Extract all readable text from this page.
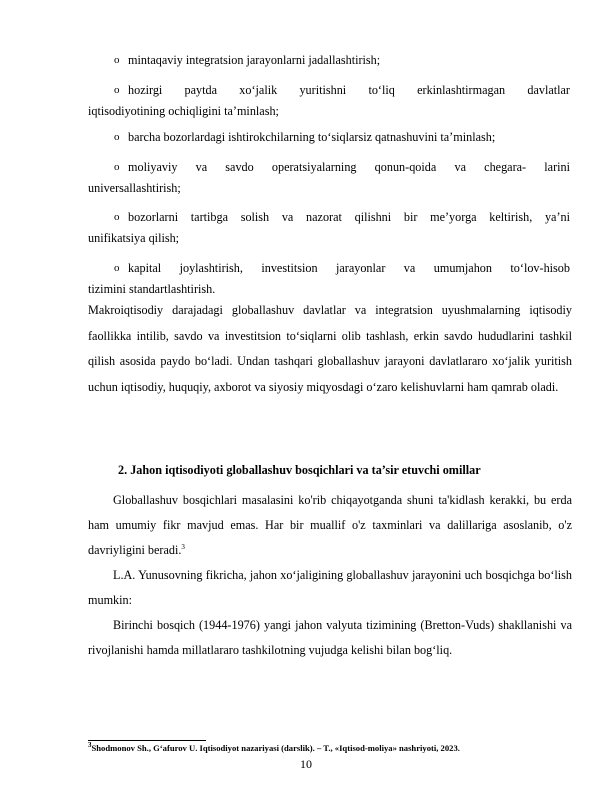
o mintaqaviy integratsion jarayonlarni jadallashtirish;
o hozirgi paytda xo‘jalik yuritishni to‘liq erkinlashtirmagan davlatlar
iqtisodiyotining ochiqligini ta’minlash;
o barcha bozorlardagi ishtirokchilarning to‘siqlarsiz qatnashuvini ta’minlash;
o moliyaviy va savdo operatsiyalarning qonun-qoida va chegara- larini
universallashtirish;
o bozorlarni tartibga solish va nazorat qilishni bir me’yorga keltirish, ya’ni
unifikatsiya qilish;
o kapital joylashtirish, investitsion jarayonlar va umumjahon to‘lov-hisob
tizimini standartlashtirish.
Makroiqtisodiy darajadagi globallashuv davlatlar va integratsion uyushmalarning iqtisodiy faollikka intilib, savdo va investitsion to‘siqlarni olib tashlash, erkin savdo hududlarini tashkil qilish asosida paydo bo‘ladi. Undan tashqari globallashuv jarayoni davlatlararo xo‘jalik yuritish uchun iqtisodiy, huquqiy, axborot va siyosiy miqyosdagi o‘zaro kelishuvlarni ham qamrab oladi.
2. Jahon iqtisodiyoti globallashuv bosqichlari va ta’sir etuvchi omillar
Globallashuv bosqichlari masalasini ko'rib chiqayotganda shuni ta'kidlash kerakki, bu erda ham umumiy fikr mavjud emas. Har bir muallif o'z taxminlari va dalillariga asoslanib, o'z davriyligini beradi.$^3$
L.A. Yunusovning fikricha, jahon xo‘jaligining globallashuv jarayonini uch bosqichga bo‘lish mumkin:
Birinchi bosqich (1944-1976) yangi jahon valyuta tizimining (Bretton-Vuds) shakllanishi va rivojlanishi hamda millatlararo tashkilotning vujudga kelishi bilan bog‘liq.
$^3$Shodmonov Sh., G‘afurov U. Iqtisodiyot nazariyasi (darslik). – T., «Iqtisod-moliya» nashriyoti, 2023.
10
